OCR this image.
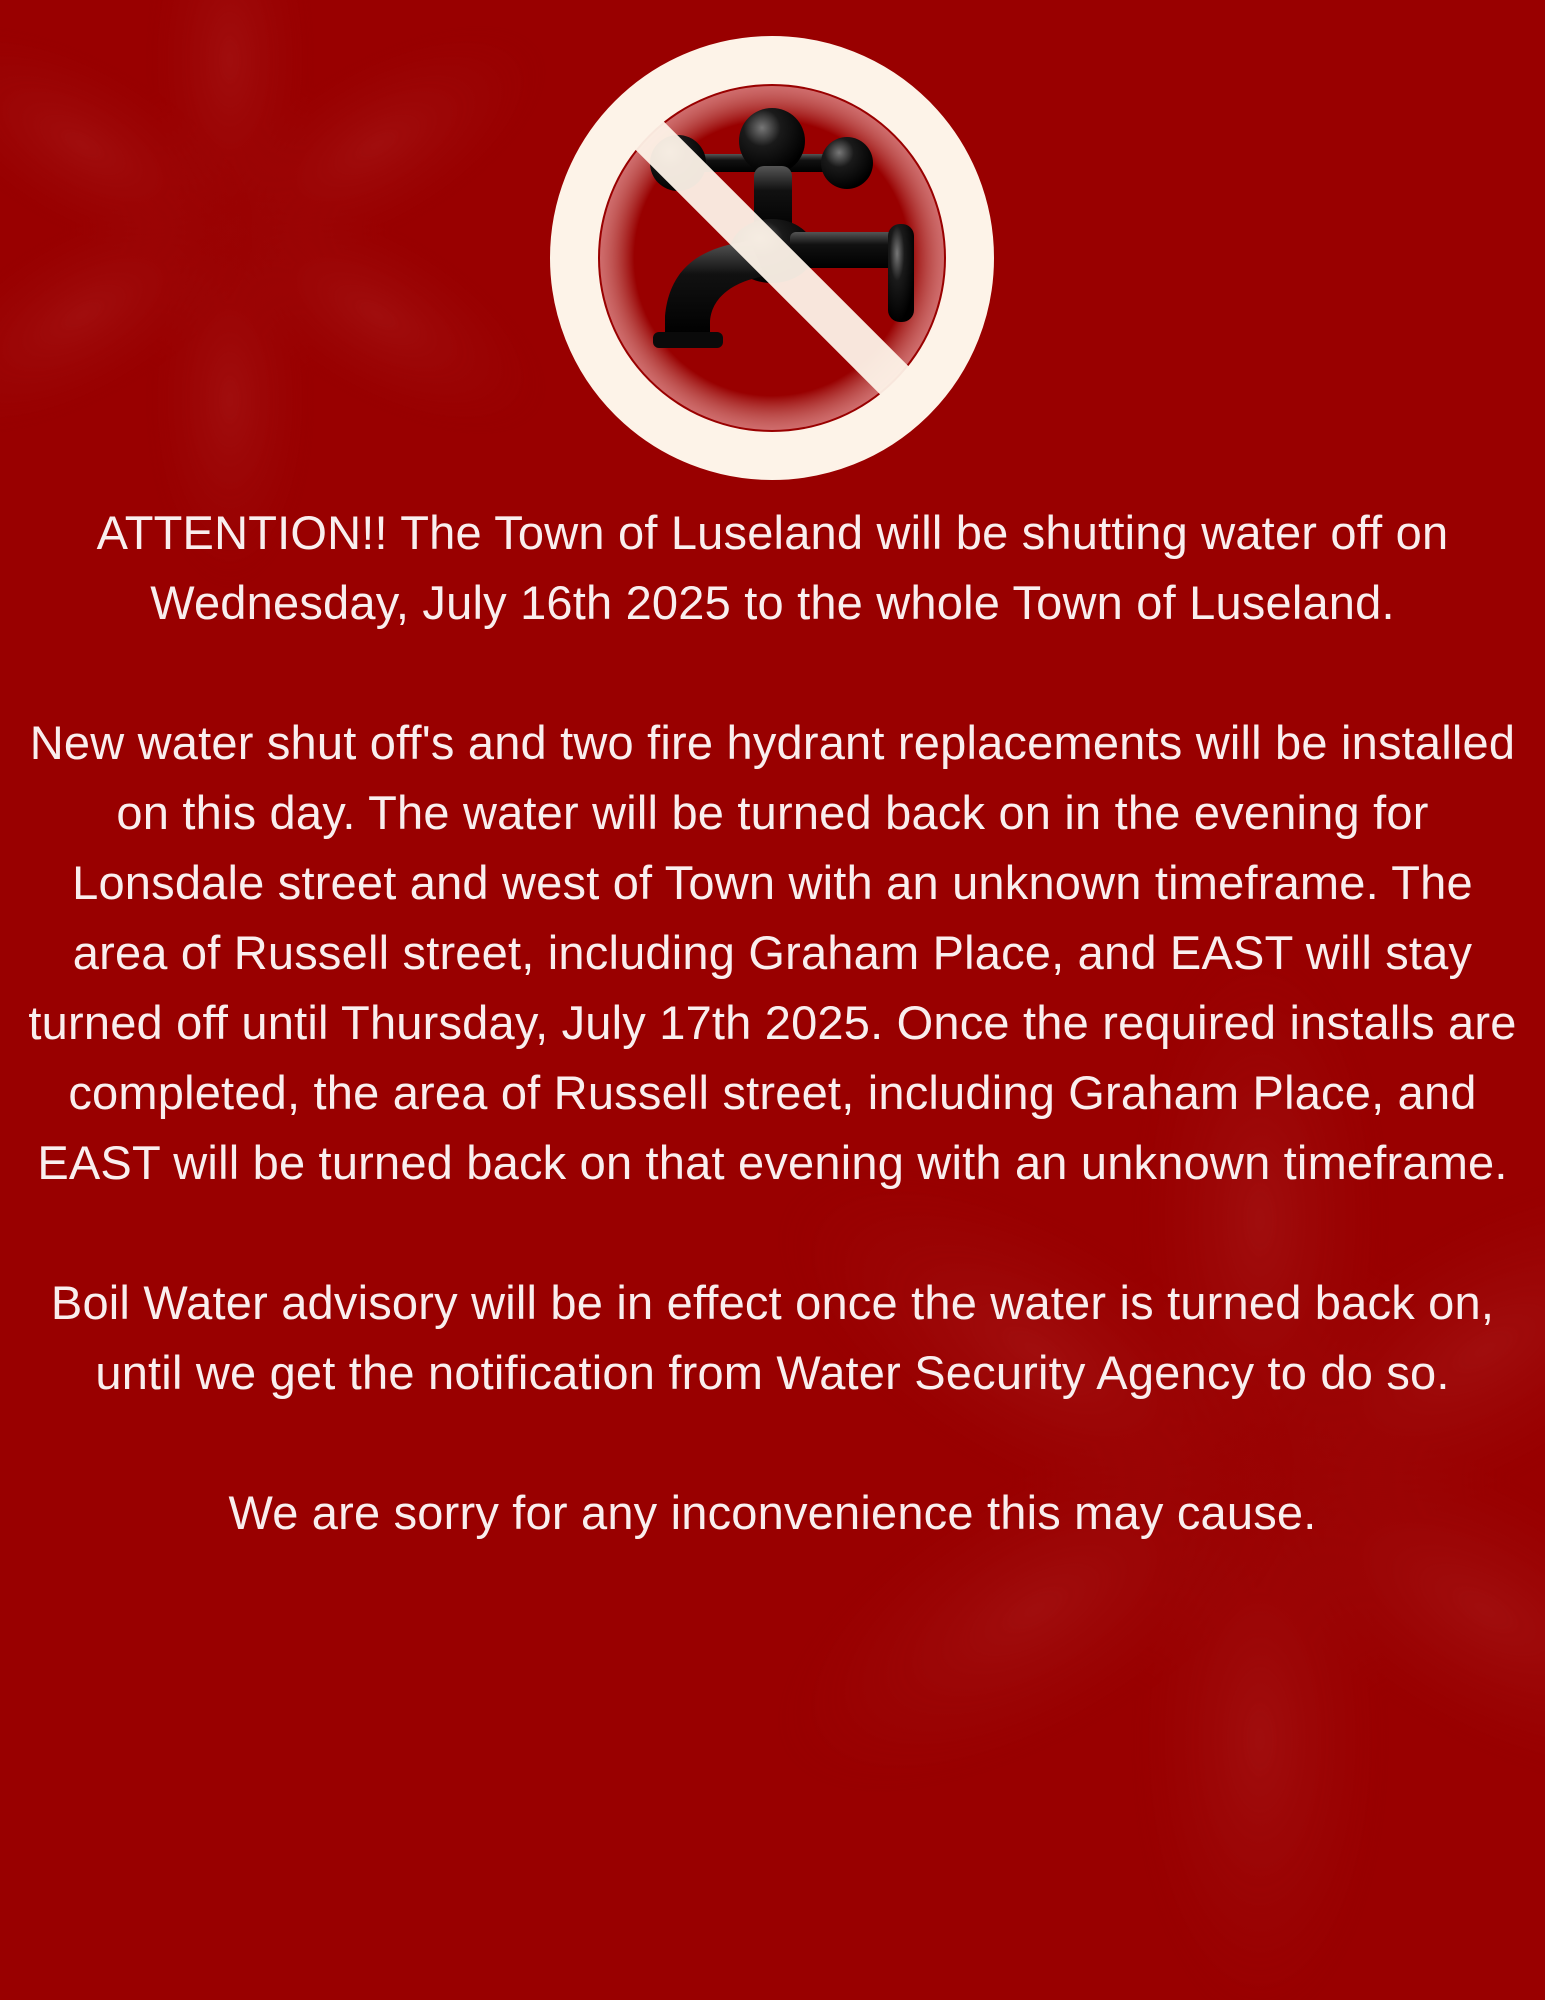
ATTENTION!! The Town of Luseland will be shutting water off on Wednesday, July 16th 2025 to the whole Town of Luseland.

New water shut off's and two fire hydrant replacements will be installed on this day. The water will be turned back on in the evening for Lonsdale street and west of Town with an unknown timeframe. The area of Russell street, including Graham Place, and EAST will stay turned off until Thursday, July 17th 2025. Once the required installs are completed, the area of Russell street, including Graham Place, and EAST will be turned back on that evening with an unknown timeframe.

Boil Water advisory will be in effect once the water is turned back on, until we get the notification from Water Security Agency to do so.

We are sorry for any inconvenience this may cause.
